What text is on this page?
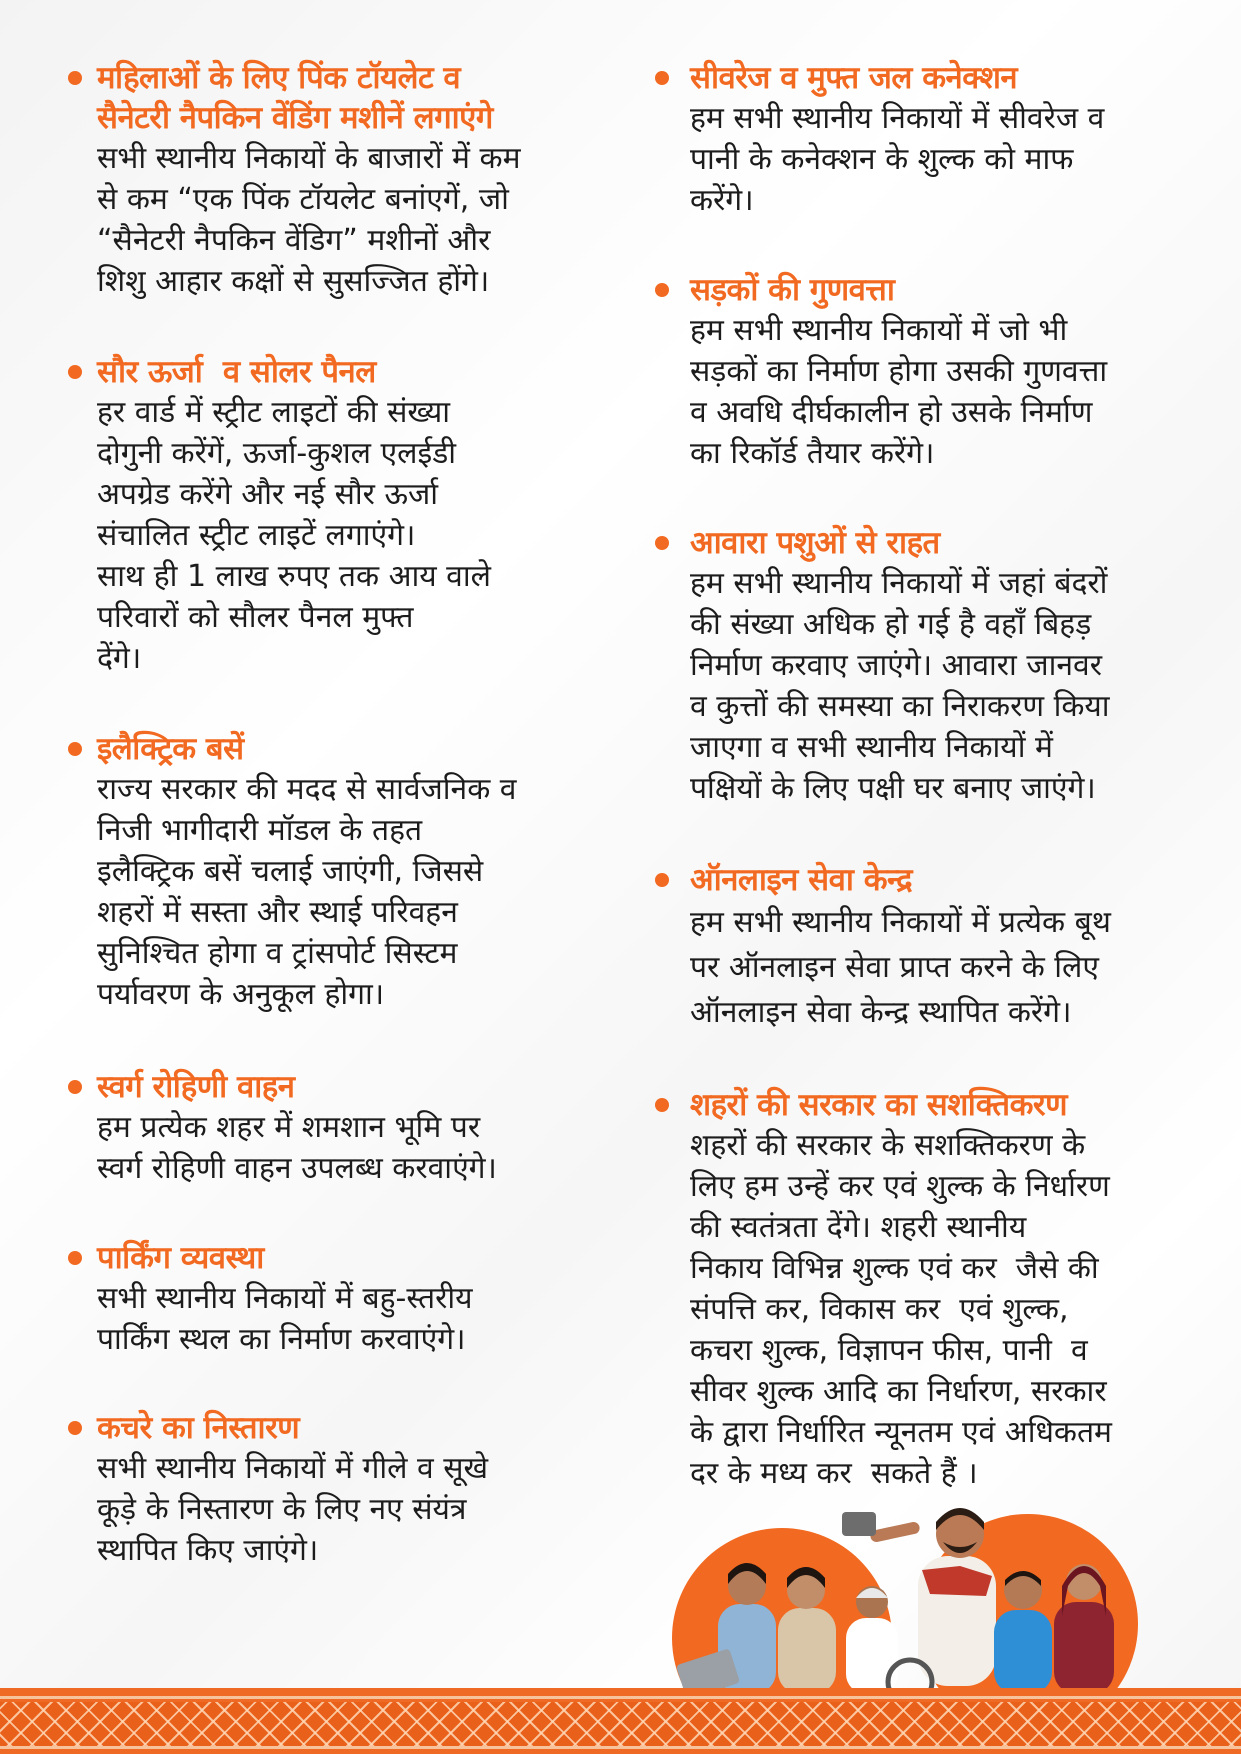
महिलाओं के लिए पिंक टॉयलेट व
सैनेटरी नैपकिन वेंडिंग मशीनें लगाएंगे
सभी स्थानीय निकायों के बाजारों में कम
से कम “एक पिंक टॉयलेट बनांएगें, जो
“सैनेटरी नैपकिन वेंडिग” मशीनों और
शिशु आहार कक्षों से सुसज्जित होंगे।
सौर ऊर्जा  व सोलर पैनल
हर वार्ड में स्ट्रीट लाइटों की संख्या
दोगुनी करेंगें, ऊर्जा-कुशल एलईडी
अपग्रेड करेंगे और नई सौर ऊर्जा
संचालित स्ट्रीट लाइटें लगाएंगे।
साथ ही 1 लाख रुपए तक आय वाले
परिवारों को सौलर पैनल मुफ्त
देंगे।
इलैक्ट्रिक बसें
राज्य सरकार की मदद से सार्वजनिक व
निजी भागीदारी मॉडल के तहत
इलैक्ट्रिक बसें चलाई जाएंगी, जिससे
शहरों में सस्ता और स्थाई परिवहन
सुनिश्चित होगा व ट्रांसपोर्ट सिस्टम
पर्यावरण के अनुकूल होगा।
स्वर्ग रोहिणी वाहन
हम प्रत्येक शहर में शमशान भूमि पर
स्वर्ग रोहिणी वाहन उपलब्ध करवाएंगे।
पार्किंग व्यवस्था
सभी स्थानीय निकायों में बहु-स्तरीय
पार्किंग स्थल का निर्माण करवाएंगे।
कचरे का निस्तारण
सभी स्थानीय निकायों में गीले व सूखे
कूड़े के निस्तारण के लिए नए संयंत्र
स्थापित किए जाएंगे।
सीवरेज व मुफ्त जल कनेक्शन
हम सभी स्थानीय निकायों में सीवरेज व
पानी के कनेक्शन के शुल्क को माफ
करेंगे।
सड़कों की गुणवत्ता
हम सभी स्थानीय निकायों में जो भी
सड़कों का निर्माण होगा उसकी गुणवत्ता
व अवधि दीर्घकालीन हो उसके निर्माण
का रिकॉर्ड तैयार करेंगे।
आवारा पशुओं से राहत
हम सभी स्थानीय निकायों में जहां बंदरों
की संख्या अधिक हो गई है वहाँ बिहड़
निर्माण करवाए जाएंगे। आवारा जानवर
व कुत्तों की समस्या का निराकरण किया
जाएगा व सभी स्थानीय निकायों में
पक्षियों के लिए पक्षी घर बनाए जाएंगे।
ऑनलाइन सेवा केन्द्र
हम सभी स्थानीय निकायों में प्रत्येक बूथ
पर ऑनलाइन सेवा प्राप्त करने के लिए
ऑनलाइन सेवा केन्द्र स्थापित करेंगे।
शहरों की सरकार का सशक्तिकरण
शहरों की सरकार के सशक्तिकरण के
लिए हम उन्हें कर एवं शुल्क के निर्धारण
की स्वतंत्रता देंगे। शहरी स्थानीय
निकाय विभिन्न शुल्क एवं कर  जैसे की
संपत्ति कर, विकास कर  एवं शुल्क,
कचरा शुल्क, विज्ञापन फीस, पानी  व
सीवर शुल्क आदि का निर्धारण, सरकार
के द्वारा निर्धारित न्यूनतम एवं अधिकतम
दर के मध्य कर  सकते हैं ।
